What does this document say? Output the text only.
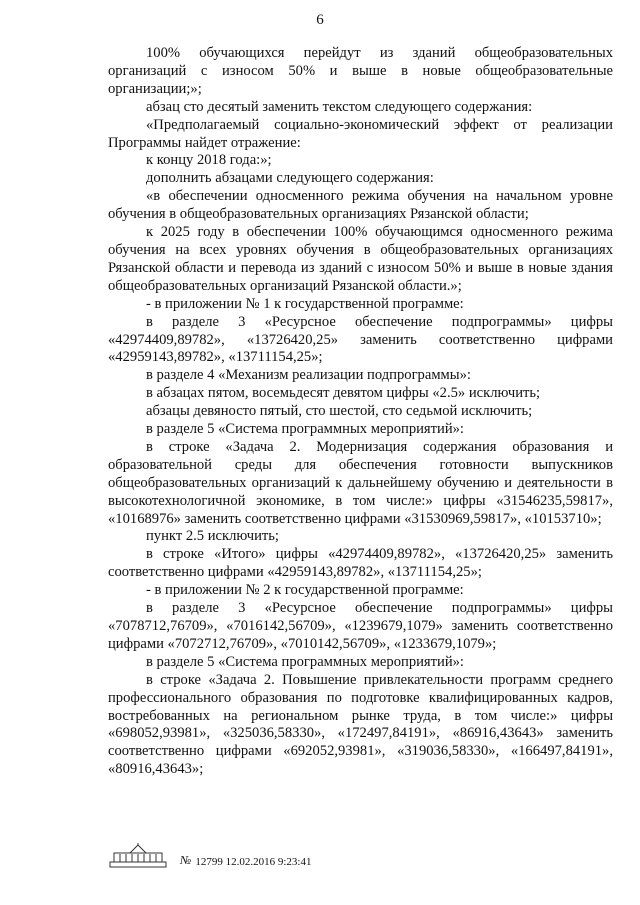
6

100% обучающихся перейдут из зданий общеобразовательных организаций с износом 50% и выше в новые общеобразовательные организации;»;

абзац сто десятый заменить текстом следующего содержания:

«Предполагаемый социально-экономический эффект от реализации Программы найдет отражение:

к концу 2018 года:»;

дополнить абзацами следующего содержания:

«в обеспечении односменного режима обучения на начальном уровне обучения в общеобразовательных организациях Рязанской области;

к 2025 году в обеспечении 100% обучающимся односменного режима обучения на всех уровнях обучения в общеобразовательных организациях Рязанской области и перевода из зданий с износом 50% и выше в новые здания общеобразовательных организаций Рязанской области.»;

- в приложении № 1 к государственной программе:

в разделе 3 «Ресурсное обеспечение подпрограммы» цифры «42974409,89782», «13726420,25» заменить соответственно цифрами «42959143,89782», «13711154,25»;

в разделе 4 «Механизм реализации подпрограммы»:

в абзацах пятом, восемьдесят девятом цифры «2.5» исключить;

абзацы девяносто пятый, сто шестой, сто седьмой исключить;

в разделе 5 «Система программных мероприятий»:

в строке «Задача 2. Модернизация содержания образования и образовательной среды для обеспечения готовности выпускников общеобразовательных организаций к дальнейшему обучению и деятельности в высокотехнологичной экономике, в том числе:» цифры «31546235,59817», «10168976» заменить соответственно цифрами «31530969,59817», «10153710»;

пункт 2.5 исключить;

в строке «Итого» цифры «42974409,89782», «13726420,25» заменить соответственно цифрами «42959143,89782», «13711154,25»;

- в приложении № 2 к государственной программе:

в разделе 3 «Ресурсное обеспечение подпрограммы» цифры «7078712,76709», «7016142,56709», «1239679,1079» заменить соответственно цифрами «7072712,76709», «7010142,56709», «1233679,1079»;

в разделе 5 «Система программных мероприятий»:

в строке «Задача 2. Повышение привлекательности программ среднего профессионального образования по подготовке квалифицированных кадров, востребованных на региональном рынке труда, в том числе:» цифры «698052,93981», «325036,58330», «172497,84191», «86916,43643» заменить соответственно цифрами «692052,93981», «319036,58330», «166497,84191», «80916,43643»;

№ 12799 12.02.2016 9:23:41
